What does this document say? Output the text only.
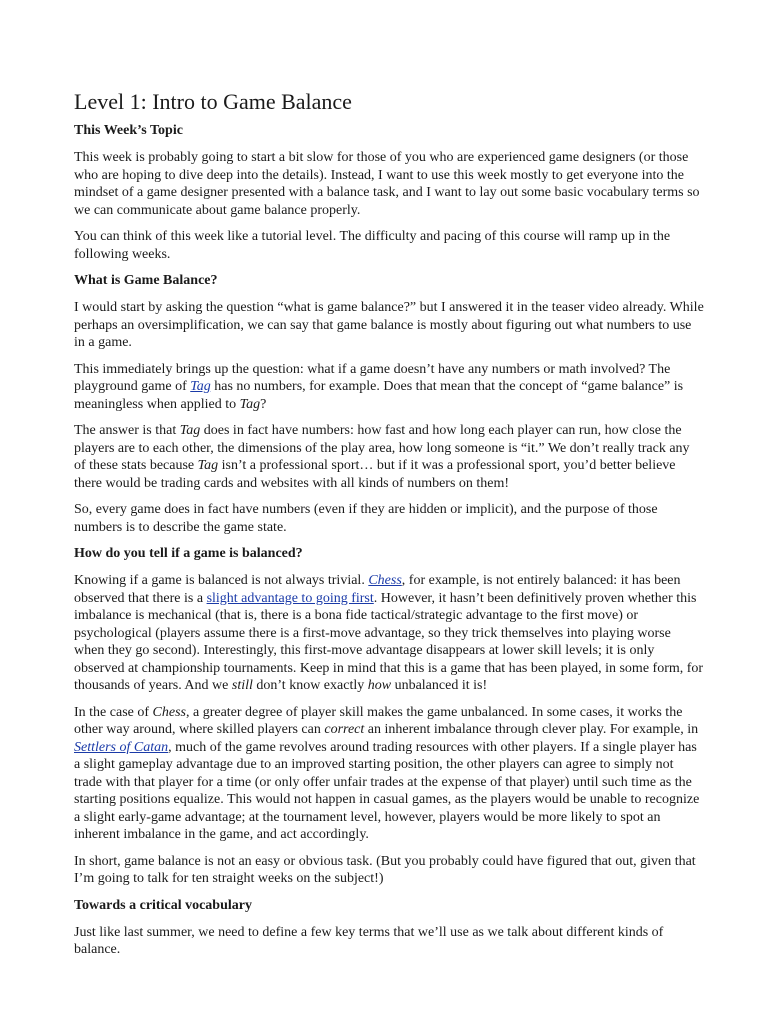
Level 1: Intro to Game Balance
This Week’s Topic

This week is probably going to start a bit slow for those of you who are experienced game designers (or those who are hoping to dive deep into the details). Instead, I want to use this week mostly to get everyone into the mindset of a game designer presented with a balance task, and I want to lay out some basic vocabulary terms so we can communicate about game balance properly.

You can think of this week like a tutorial level. The difficulty and pacing of this course will ramp up in the following weeks.

What is Game Balance?

I would start by asking the question “what is game balance?” but I answered it in the teaser video already. While perhaps an oversimplification, we can say that game balance is mostly about figuring out what numbers to use in a game.

This immediately brings up the question: what if a game doesn’t have any numbers or math involved? The playground game of Tag has no numbers, for example. Does that mean that the concept of “game balance” is meaningless when applied to Tag?

The answer is that Tag does in fact have numbers: how fast and how long each player can run, how close the players are to each other, the dimensions of the play area, how long someone is “it.” We don’t really track any of these stats because Tag isn’t a professional sport… but if it was a professional sport, you’d better believe there would be trading cards and websites with all kinds of numbers on them!

So, every game does in fact have numbers (even if they are hidden or implicit), and the purpose of those numbers is to describe the game state.

How do you tell if a game is balanced?

Knowing if a game is balanced is not always trivial. Chess, for example, is not entirely balanced: it has been observed that there is a slight advantage to going first. However, it hasn’t been definitively proven whether this imbalance is mechanical (that is, there is a bona fide tactical/strategic advantage to the first move) or psychological (players assume there is a first-move advantage, so they trick themselves into playing worse when they go second). Interestingly, this first-move advantage disappears at lower skill levels; it is only observed at championship tournaments. Keep in mind that this is a game that has been played, in some form, for thousands of years. And we still don’t know exactly how unbalanced it is!

In the case of Chess, a greater degree of player skill makes the game unbalanced. In some cases, it works the other way around, where skilled players can correct an inherent imbalance through clever play. For example, in Settlers of Catan, much of the game revolves around trading resources with other players. If a single player has a slight gameplay advantage due to an improved starting position, the other players can agree to simply not trade with that player for a time (or only offer unfair trades at the expense of that player) until such time as the starting positions equalize. This would not happen in casual games, as the players would be unable to recognize a slight early-game advantage; at the tournament level, however, players would be more likely to spot an inherent imbalance in the game, and act accordingly.

In short, game balance is not an easy or obvious task. (But you probably could have figured that out, given that I’m going to talk for ten straight weeks on the subject!)

Towards a critical vocabulary

Just like last summer, we need to define a few key terms that we’ll use as we talk about different kinds of balance.
